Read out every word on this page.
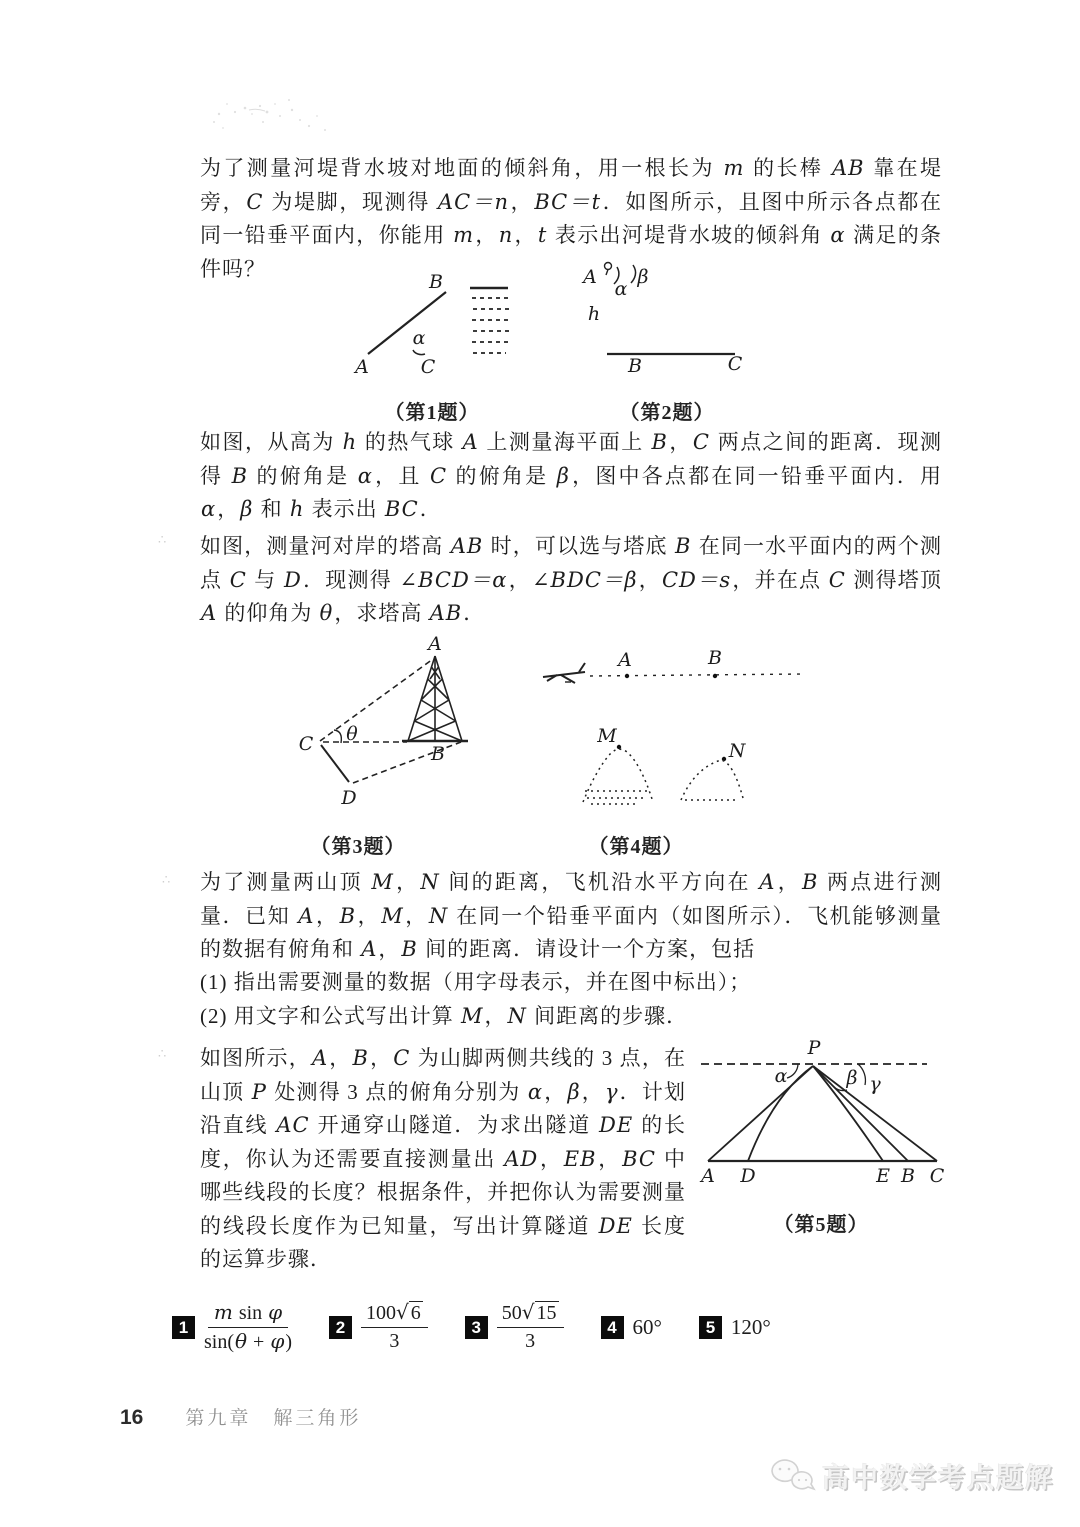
∴
∴
∴
为了测量河堤背水坡对地面的倾斜角，用一根长为 m 的长棒 AB 靠在堤旁，C 为堤脚，现测得 AC＝n，BC＝t．如图所示，且图中所示各点都在同一铅垂平面内，你能用 m，n，t 表示出河堤背水坡的倾斜角 α 满足的条件吗？
B
A
α
C
（第1题）
A
α
β
h
B	C
（第2题）
如图，从高为 h 的热气球 A 上测量海平面上 B，C 两点之间的距离．现测得 B 的俯角是 α，且 C 的俯角是 β，图中各点都在同一铅垂平面内．用 α，β 和 h 表示出 BC．
如图，测量河对岸的塔高 AB 时，可以选与塔底 B 在同一水平面内的两个测点 C 与 D．现测得 ∠BCD＝α，∠BDC＝β，CD＝s，并在点 C 测得塔顶 A 的仰角为 θ，求塔高 AB．
A
B
C
D
θ
（第3题）
A	B
M
N
（第4题）
为了测量两山顶 M，N 间的距离，飞机沿水平方向在 A，B 两点进行测量．已知 A，B，M，N 在同一个铅垂平面内（如图所示）．飞机能够测量的数据有俯角和 A，B 间的距离．请设计一个方案，包括
(1) 指出需要测量的数据（用字母表示，并在图中标出）；
(2) 用文字和公式写出计算 M，N 间距离的步骤．
如图所示，A，B，C 为山脚两侧共线的 3 点，在山顶 P 处测得 3 点的俯角分别为 α，β，γ．计划沿直线 AC 开通穿山隧道．为求出隧道 DE 的长度，你认为还需要直接测量出 AD，EB，BC 中哪些线段的长度？根据条件，并把你认为需要测量的线段长度作为已知量，写出计算隧道 DE 长度的运算步骤．
P
α	β γ
A D	E B C
（第5题）
$1 \frac{\text{m sin φ}}{\sin(\theta + \varphi)}$	$2 \frac{100√ 6}{3}$	$3 \frac{50√ 15}{3}$	4 60°	5 120°
16 第九章　解三角形
高中数学考点题解
